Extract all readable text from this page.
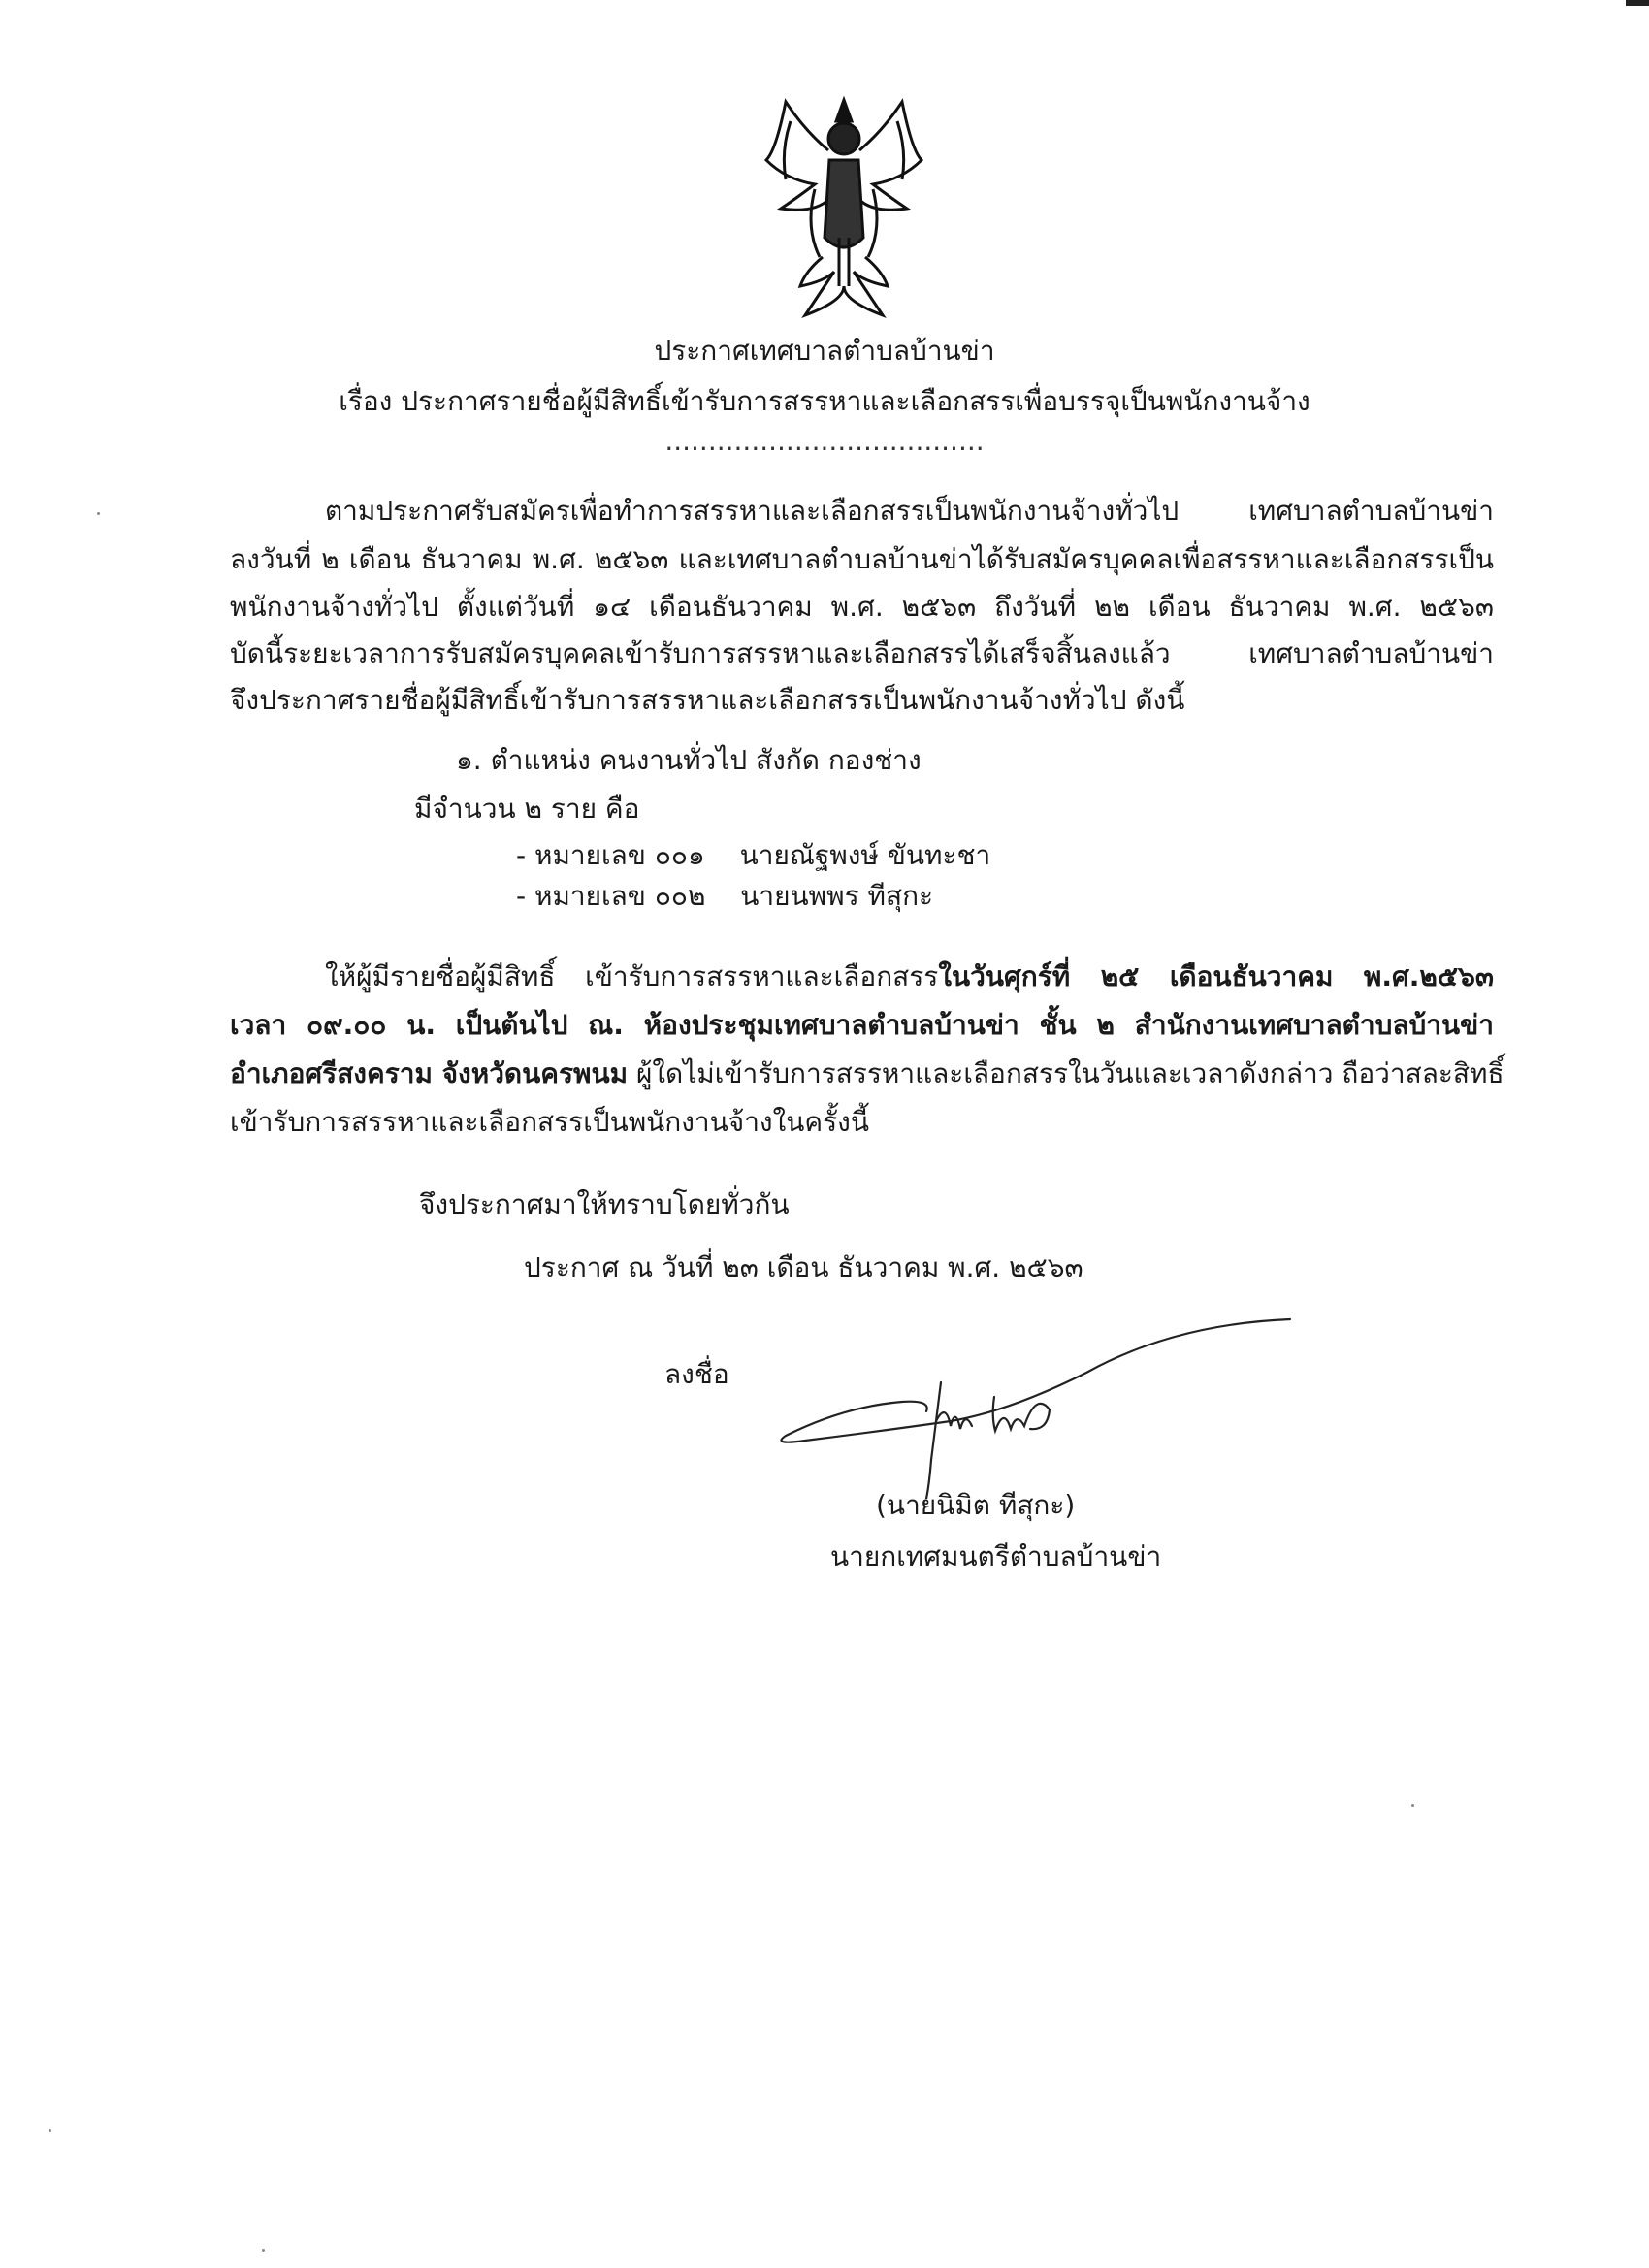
ประกาศเทศบาลตำบลบ้านข่า
เรื่อง ประกาศรายชื่อผู้มีสิทธิ์เข้ารับการสรรหาและเลือกสรรเพื่อบรรจุเป็นพนักงานจ้าง
.....................................
ตามประกาศรับสมัครเพื่อทำการสรรหาและเลือกสรรเป็นพนักงานจ้างทั่วไป เทศบาลตำบลบ้านข่า
ลงวันที่ ๒ เดือน ธันวาคม พ.ศ. ๒๕๖๓ และเทศบาลตำบลบ้านข่าได้รับสมัครบุคคลเพื่อสรรหาและเลือกสรรเป็น
พนักงานจ้างทั่วไป ตั้งแต่วันที่ ๑๔ เดือนธันวาคม พ.ศ. ๒๕๖๓ ถึงวันที่ ๒๒ เดือน ธันวาคม พ.ศ. ๒๕๖๓
บัดนี้ระยะเวลาการรับสมัครบุคคลเข้ารับการสรรหาและเลือกสรรได้เสร็จสิ้นลงแล้ว เทศบาลตำบลบ้านข่า
จึงประกาศรายชื่อผู้มีสิทธิ์เข้ารับการสรรหาและเลือกสรรเป็นพนักงานจ้างทั่วไป ดังนี้
๑. ตำแหน่ง คนงานทั่วไป สังกัด กองช่าง
มีจำนวน ๒ ราย คือ
- หมายเลข ๐๐๑ นายณัฐพงษ์ ขันทะชา
- หมายเลข ๐๐๒ นายนพพร ทีสุกะ
ให้ผู้มีรายชื่อผู้มีสิทธิ์ เข้ารับการสรรหาและเลือกสรรในวันศุกร์ที่ ๒๕ เดือนธันวาคม พ.ศ.๒๕๖๓
เวลา ๐๙.๐๐ น. เป็นต้นไป ณ. ห้องประชุมเทศบาลตำบลบ้านข่า ชั้น ๒ สำนักงานเทศบาลตำบลบ้านข่า
อำเภอศรีสงคราม จังหวัดนครพนม ผู้ใดไม่เข้ารับการสรรหาและเลือกสรรในวันและเวลาดังกล่าว ถือว่าสละสิทธิ์
เข้ารับการสรรหาและเลือกสรรเป็นพนักงานจ้างในครั้งนี้
จึงประกาศมาให้ทราบโดยทั่วกัน
ประกาศ ณ วันที่ ๒๓ เดือน ธันวาคม พ.ศ. ๒๕๖๓
ลงชื่อ
(นายนิมิต ทีสุกะ)
นายกเทศมนตรีตำบลบ้านข่า
